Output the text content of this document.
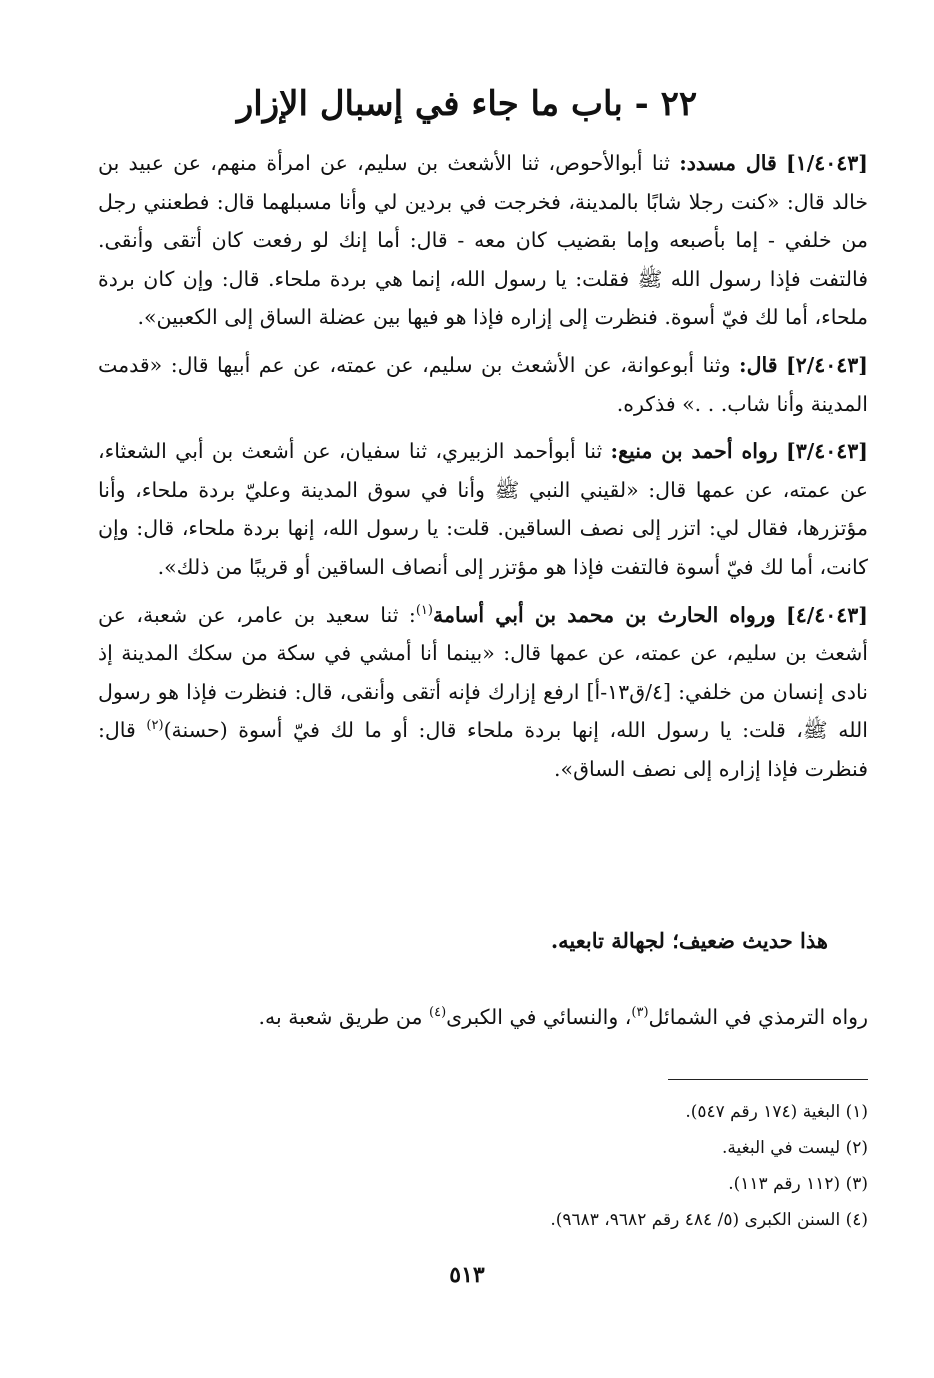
٢٢ - باب ما جاء في إسبال الإزار

[١/٤٠٤٣] قال مسدد: ثنا أبوالأحوص، ثنا الأشعث بن سليم، عن امرأة منهم، عن عبيد بن خالد قال: «كنت رجلا شابًا بالمدينة، فخرجت في بردين لي وأنا مسبلهما قال: فطعنني رجل من خلفي - إما بأصبعه وإما بقضيب كان معه - قال: أما إنك لو رفعت كان أتقى وأنقى. فالتفت فإذا رسول الله ﷺ فقلت: يا رسول الله، إنما هي بردة ملحاء. قال: وإن كان بردة ملحاء، أما لك فيّ أسوة. فنظرت إلى إزاره فإذا هو فيها بين عضلة الساق إلى الكعبين».

[٢/٤٠٤٣] قال: وثنا أبوعوانة، عن الأشعث بن سليم، عن عمته، عن عم أبيها قال: «قدمت المدينة وأنا شاب. . .» فذكره.

[٣/٤٠٤٣] رواه أحمد بن منيع: ثنا أبوأحمد الزبيري، ثنا سفيان، عن أشعث بن أبي الشعثاء، عن عمته، عن عمها قال: «لقيني النبي ﷺ وأنا في سوق المدينة وعليّ بردة ملحاء، وأنا مؤتزرها، فقال لي: اتزر إلى نصف الساقين. قلت: يا رسول الله، إنها بردة ملحاء، قال: وإن كانت، أما لك فيّ أسوة فالتفت فإذا هو مؤتزر إلى أنصاف الساقين أو قريبًا من ذلك».

[٤/٤٠٤٣] ورواه الحارث بن محمد بن أبي أسامة$^{(١)}$: ثنا سعيد بن عامر، عن شعبة، عن أشعث بن سليم، عن عمته، عن عمها قال: «بينما أنا أمشي في سكة من سكك المدينة إذ نادى إنسان من خلفي: [٤/ق١٣-أ] ارفع إزارك فإنه أتقى وأنقى، قال: فنظرت فإذا هو رسول الله ﷺ، قلت: يا رسول الله، إنها بردة ملحاء قال: أو ما لك فيّ أسوة (حسنة)$^{(٢)}$ قال: فنظرت فإذا إزاره إلى نصف الساق».

هذا حديث ضعيف؛ لجهالة تابعيه.

رواه الترمذي في الشمائل$^{(٣)}$، والنسائي في الكبرى$^{(٤)}$ من طريق شعبة به.

(١) البغية (١٧٤ رقم ٥٤٧).
(٢) ليست في البغية.
(٣) (١١٢ رقم ١١٣).
(٤) السنن الكبرى (٥/ ٤٨٤ رقم ٩٦٨٢، ٩٦٨٣).

٥١٣
